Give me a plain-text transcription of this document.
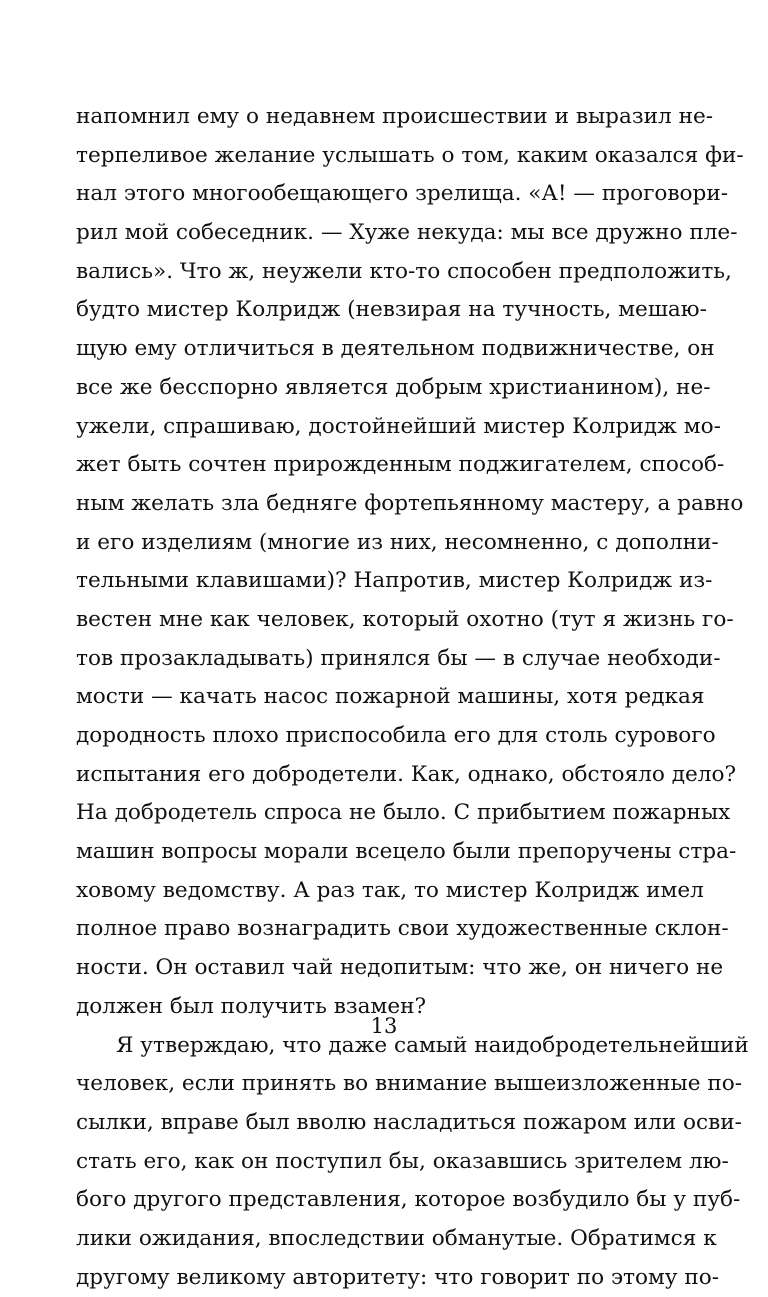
напомнил ему о недавнем происшествии и выразил не-
терпеливое желание услышать о том, каким оказался фи-
нал этого многообещающего зрелища. «А! — проговори-
рил мой собеседник. — Хуже некуда: мы все дружно пле-
вались». Что ж, неужели кто-то способен предположить,
будто мистер Колридж (невзирая на тучность, мешаю-
щую ему отличиться в деятельном подвижничестве, он
все же бесспорно является добрым христианином), не-
ужели, спрашиваю, достойнейший мистер Колридж мо-
жет быть сочтен прирожденным поджигателем, способ-
ным желать зла бедняге фортепьянному мастеру, а равно
и его изделиям (многие из них, несомненно, с дополни-
тельными клавишами)? Напротив, мистер Колридж из-
вестен мне как человек, который охотно (тут я жизнь го-
тов прозакладывать) принялся бы — в случае необходи-
мости — качать насос пожарной машины, хотя редкая
дородность плохо приспособила его для столь сурового
испытания его добродетели. Как, однако, обстояло дело?
На добродетель спроса не было. С прибытием пожарных
машин вопросы морали всецело были препоручены стра-
ховому ведомству. А раз так, то мистер Колридж имел
полное право вознаградить свои художественные склон-
ности. Он оставил чай недопитым: что же, он ничего не
должен был получить взамен?
Я утверждаю, что даже самый наидобродетельнейший
человек, если принять во внимание вышеизложенные по-
сылки, вправе был вволю насладиться пожаром или осви-
стать его, как он поступил бы, оказавшись зрителем лю-
бого другого представления, которое возбудило бы у пуб-
лики ожидания, впоследствии обманутые. Обратимся к
другому великому авторитету: что говорит по этому по-
13
